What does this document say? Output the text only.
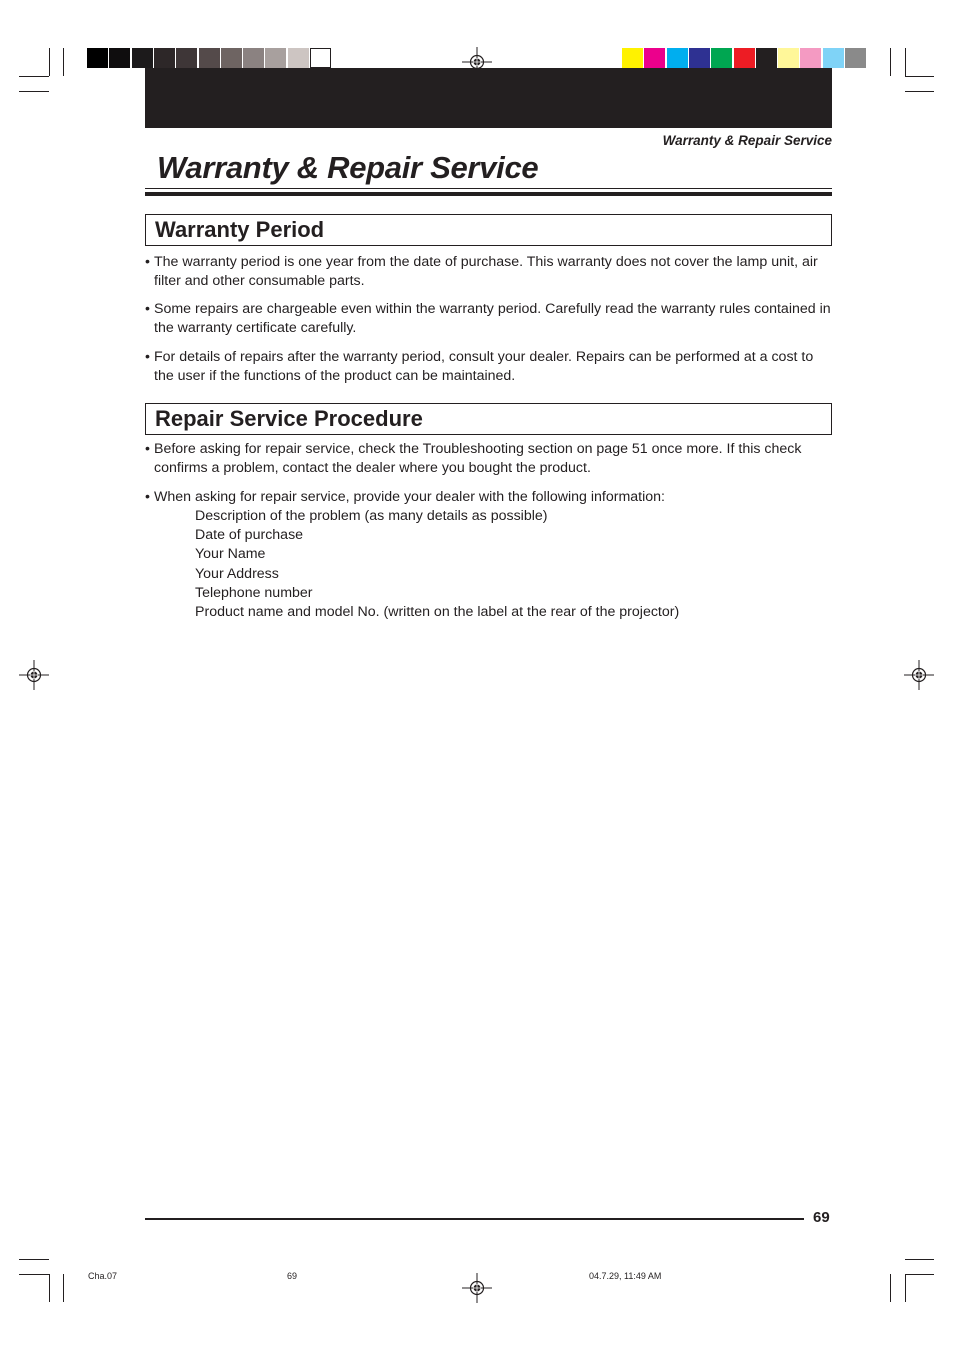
Warranty & Repair Service
Warranty & Repair Service
Warranty Period
• The warranty period is one year from the date of purchase. This warranty does not cover the lamp unit, air filter and other consumable parts.
• Some repairs are chargeable even within the warranty period. Carefully read the warranty rules contained in the warranty certificate carefully.
• For details of repairs after the warranty period, consult your dealer. Repairs can be performed at a cost to the user if the functions of the product can be maintained.
Repair Service Procedure
• Before asking for repair service, check the Troubleshooting section on page 51 once more. If this check confirms a problem, contact the dealer where you bought the product.
• When asking for repair service, provide your dealer with the following information:
Description of the problem (as many details as possible)
Date of purchase
Your Name
Your Address
Telephone number
Product name and model No. (written on the label at the rear of the projector)
69
Cha.07	69	04.7.29, 11:49 AM
